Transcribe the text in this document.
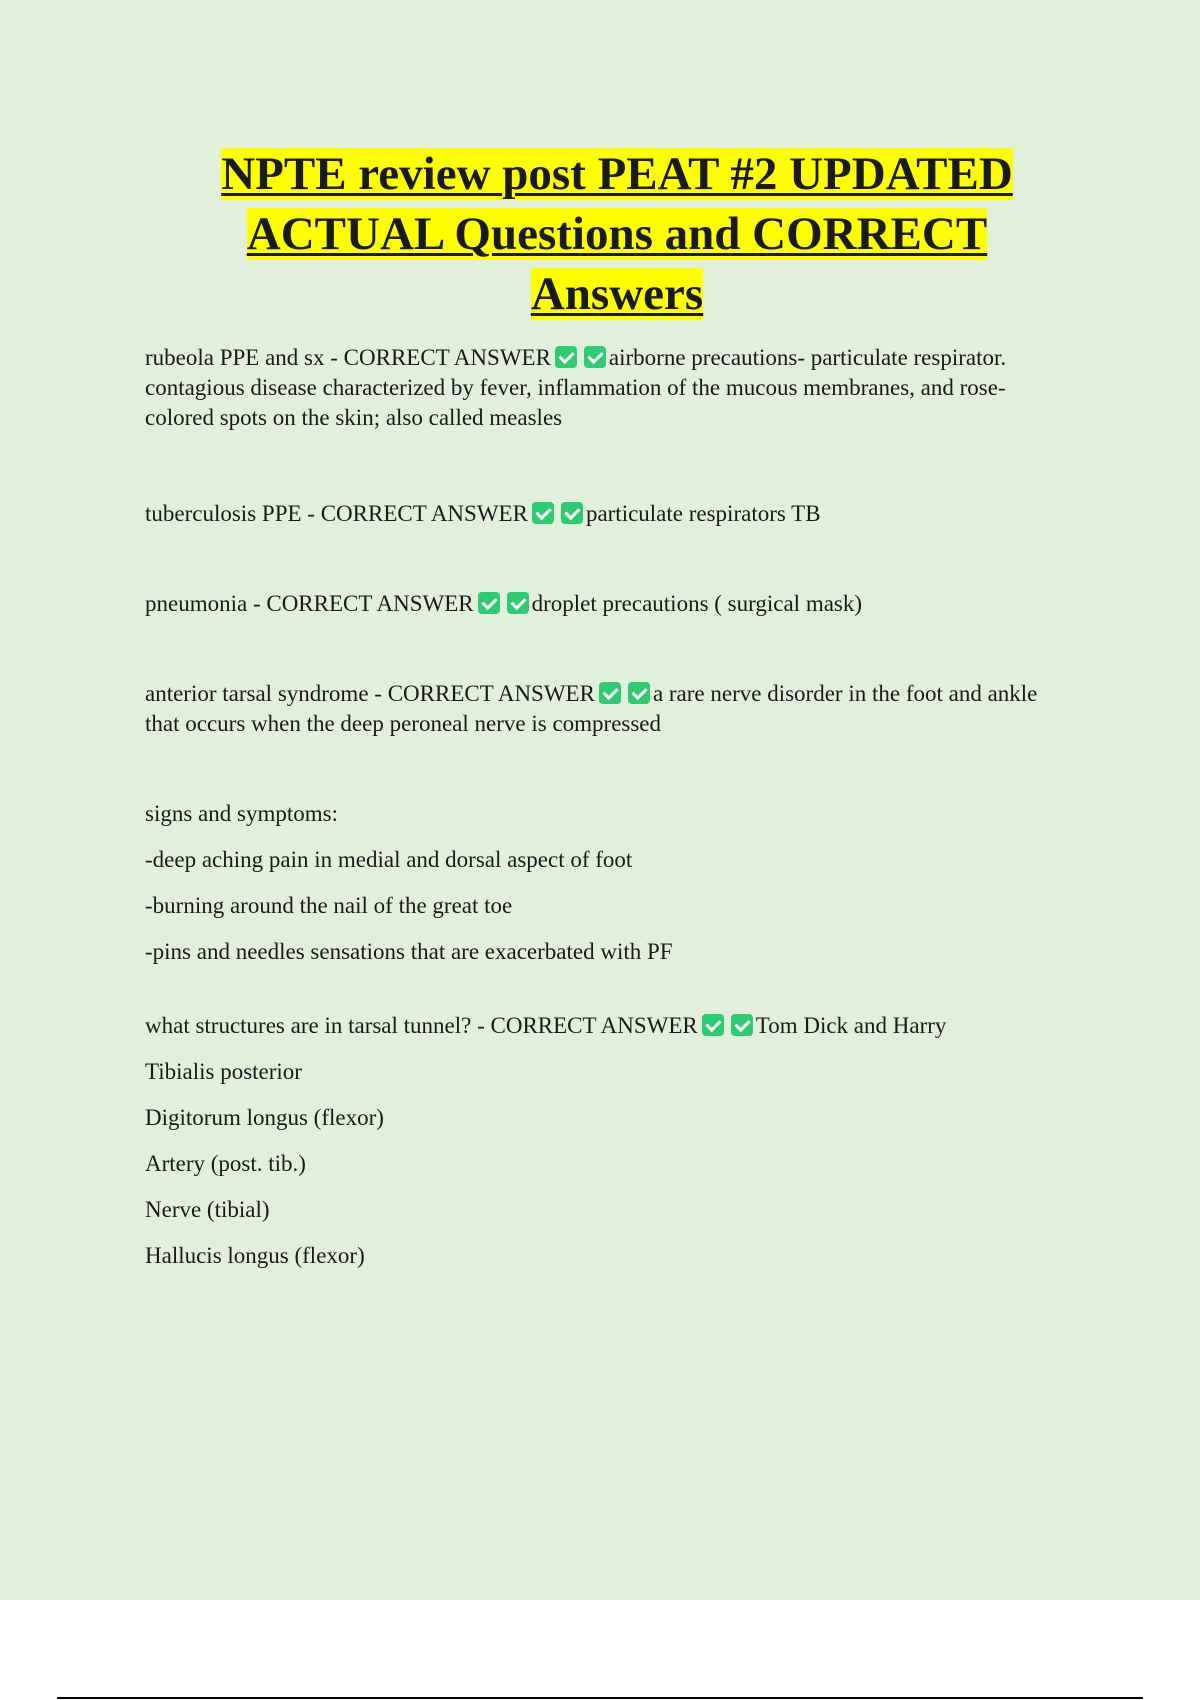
NPTE review post PEAT #2 UPDATED
ACTUAL Questions and CORRECT
Answers

rubeola PPE and sx - CORRECT ANSWER	airborne precautions- particulate respirator. contagious disease characterized by fever, inflammation of the mucous membranes, and rose-colored spots on the skin; also called measles

tuberculosis PPE - CORRECT ANSWER	particulate respirators TB

pneumonia - CORRECT ANSWER	droplet precautions ( surgical mask)

anterior tarsal syndrome - CORRECT ANSWER	a rare nerve disorder in the foot and ankle that occurs when the deep peroneal nerve is compressed

signs and symptoms:

-deep aching pain in medial and dorsal aspect of foot

-burning around the nail of the great toe

-pins and needles sensations that are exacerbated with PF

what structures are in tarsal tunnel? - CORRECT ANSWER	Tom Dick and Harry

Tibialis posterior

Digitorum longus (flexor)

Artery (post. tib.)

Nerve (tibial)

Hallucis longus (flexor)
